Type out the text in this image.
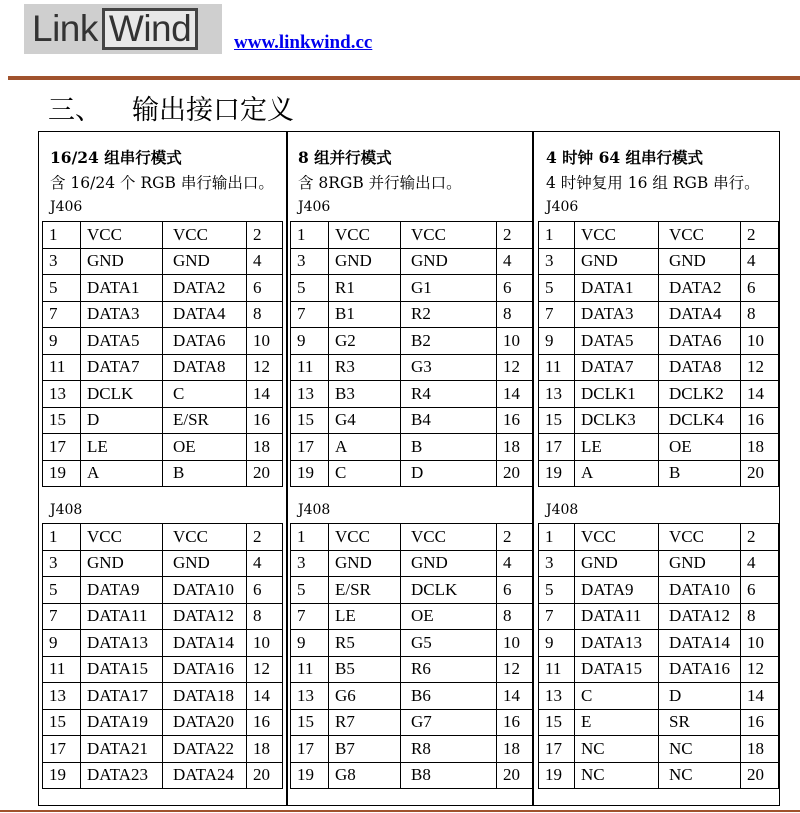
Link Wind	www.linkwind.cc
三、 输出接口定义
16/24 组串行模式
含 16/24 个 RGB 串行输出口。
J406
1	VCC	VCC	2
3	GND	GND	4
5	DATA1	DATA2	6
7	DATA3	DATA4	8
9	DATA5	DATA6	10
11	DATA7	DATA8	12
13	DCLK	C	14
15	D	E/SR	16
17	LE	OE	18
19	A	B	20
J408
1	VCC	VCC	2
3	GND	GND	4
5	DATA9	DATA10	6
7	DATA11	DATA12	8
9	DATA13	DATA14	10
11	DATA15	DATA16	12
13	DATA17	DATA18	14
15	DATA19	DATA20	16
17	DATA21	DATA22	18
19	DATA23	DATA24	20
8 组并行模式
含 8RGB 并行输出口。
J406
1	VCC	VCC	2
3	GND	GND	4
5	R1	G1	6
7	B1	R2	8
9	G2	B2	10
11	R3	G3	12
13	B3	R4	14
15	G4	B4	16
17	A	B	18
19	C	D	20
J408
1	VCC	VCC	2
3	GND	GND	4
5	E/SR	DCLK	6
7	LE	OE	8
9	R5	G5	10
11	B5	R6	12
13	G6	B6	14
15	R7	G7	16
17	B7	R8	18
19	G8	B8	20
4 时钟 64 组串行模式
4 时钟复用 16 组 RGB 串行。
J406
1	VCC	VCC	2
3	GND	GND	4
5	DATA1	DATA2	6
7	DATA3	DATA4	8
9	DATA5	DATA6	10
11	DATA7	DATA8	12
13	DCLK1	DCLK2	14
15	DCLK3	DCLK4	16
17	LE	OE	18
19	A	B	20
J408
1	VCC	VCC	2
3	GND	GND	4
5	DATA9	DATA10	6
7	DATA11	DATA12	8
9	DATA13	DATA14	10
11	DATA15	DATA16	12
13	C	D	14
15	E	SR	16
17	NC	NC	18
19	NC	NC	20
